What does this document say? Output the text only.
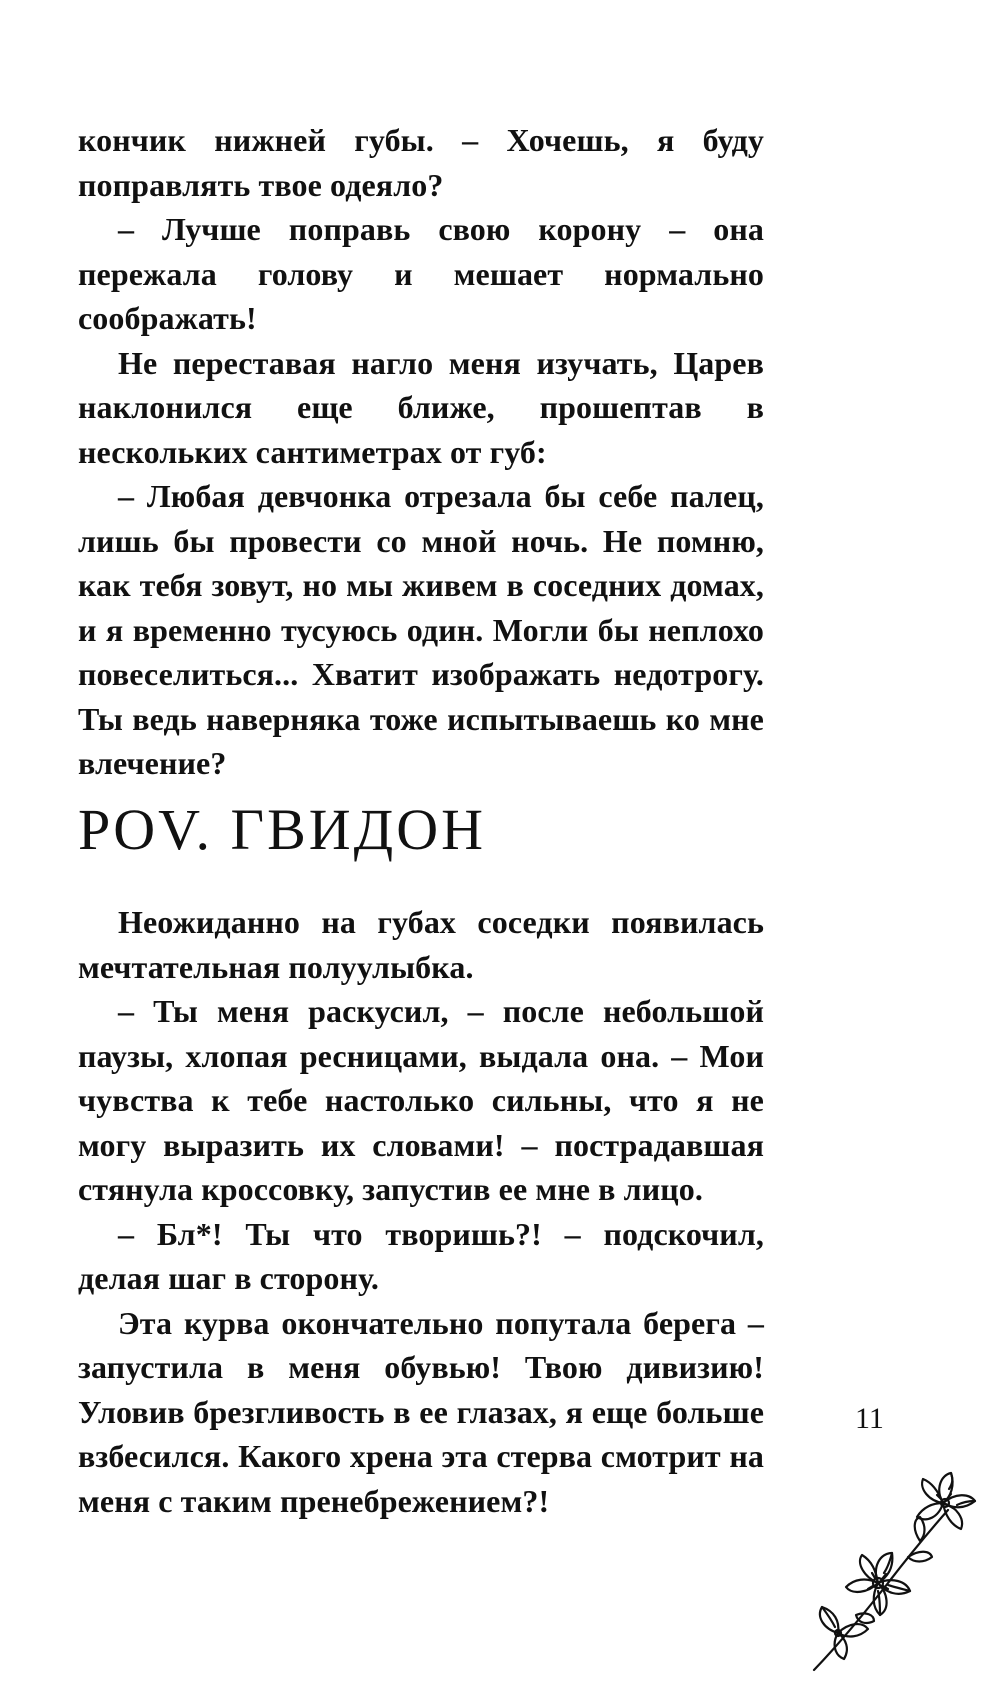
кончик нижней губы. – Хочешь, я буду поправлять твое одеяло?

– Лучше поправь свою корону – она пережала голову и мешает нормально соображать!

Не переставая нагло меня изучать, Царев наклонился еще ближе, прошептав в нескольких сантиметрах от губ:

– Любая девчонка отрезала бы себе палец, лишь бы провести со мной ночь. Не помню, как тебя зовут, но мы живем в соседних домах, и я временно тусуюсь один. Могли бы неплохо повеселиться... Хватит изображать недотрогу. Ты ведь наверняка тоже испытываешь ко мне влечение?

POV. ГВИДОН

Неожиданно на губах соседки появилась мечтательная полуулыбка.

– Ты меня раскусил, – после небольшой паузы, хлопая ресницами, выдала она. – Мои чувства к тебе настолько сильны, что я не могу выразить их словами! – пострадавшая стянула кроссовку, запустив ее мне в лицо.

– Бл*! Ты что творишь?! – подскочил, делая шаг в сторону.

Эта курва окончательно попутала берега – запустила в меня обувью! Твою дивизию! Уловив брезгливость в ее глазах, я еще больше взбесился. Какого хрена эта стерва смотрит на меня с таким пренебрежением?!

11
